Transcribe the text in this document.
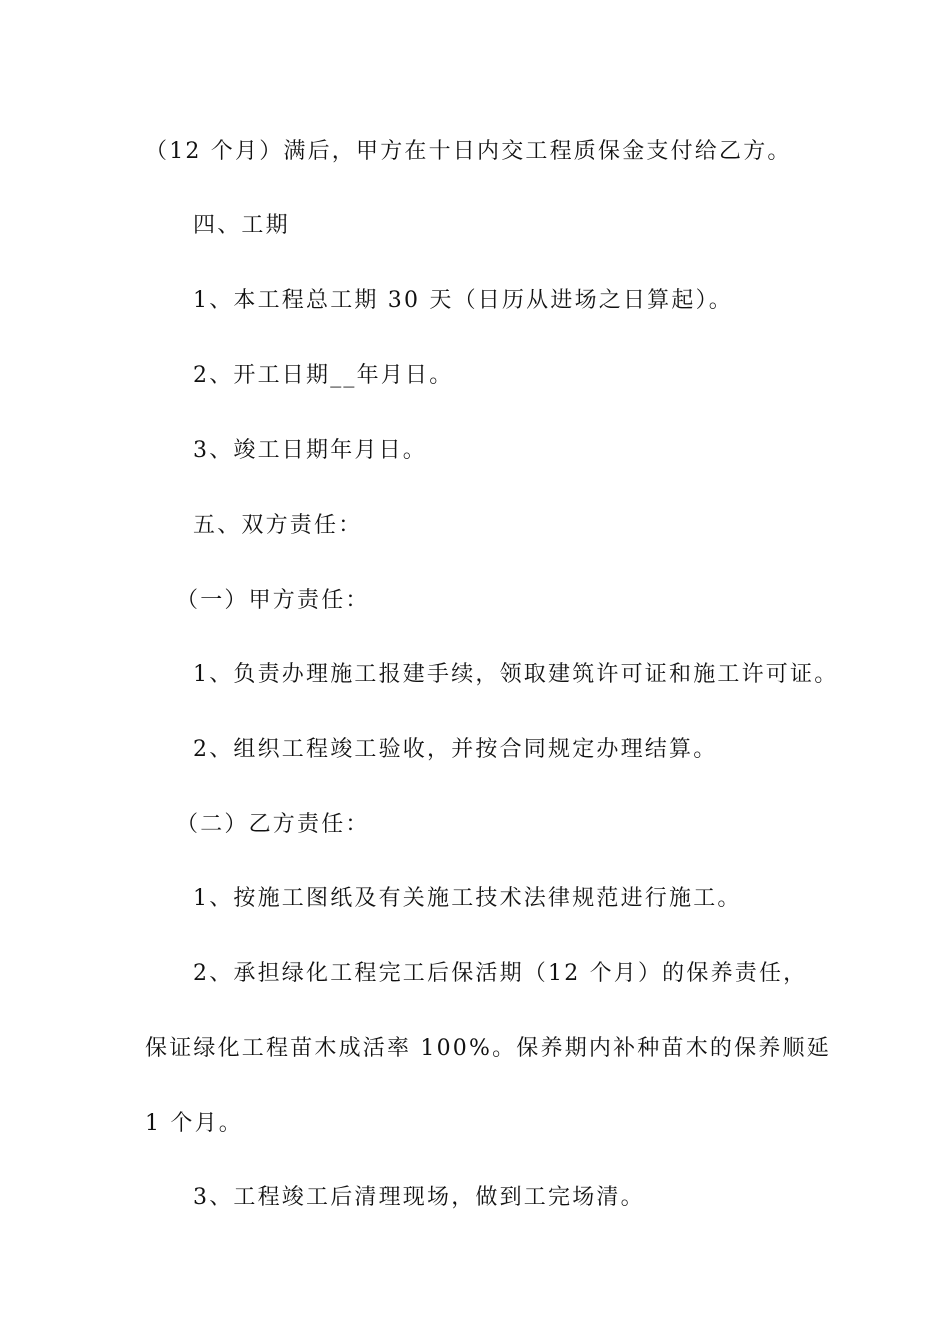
（12 个月）满后，甲方在十日内交工程质保金支付给乙方。
四、工期
1、本工程总工期 30 天（日历从进场之日算起）。
2、开工日期__年月日。
3、竣工日期年月日。
五、双方责任：
（一）甲方责任：
1、负责办理施工报建手续，领取建筑许可证和施工许可证。
2、组织工程竣工验收，并按合同规定办理结算。
（二）乙方责任：
1、按施工图纸及有关施工技术法律规范进行施工。
2、承担绿化工程完工后保活期（12 个月）的保养责任，
保证绿化工程苗木成活率 100%。保养期内补种苗木的保养顺延
1 个月。
3、工程竣工后清理现场，做到工完场清。
